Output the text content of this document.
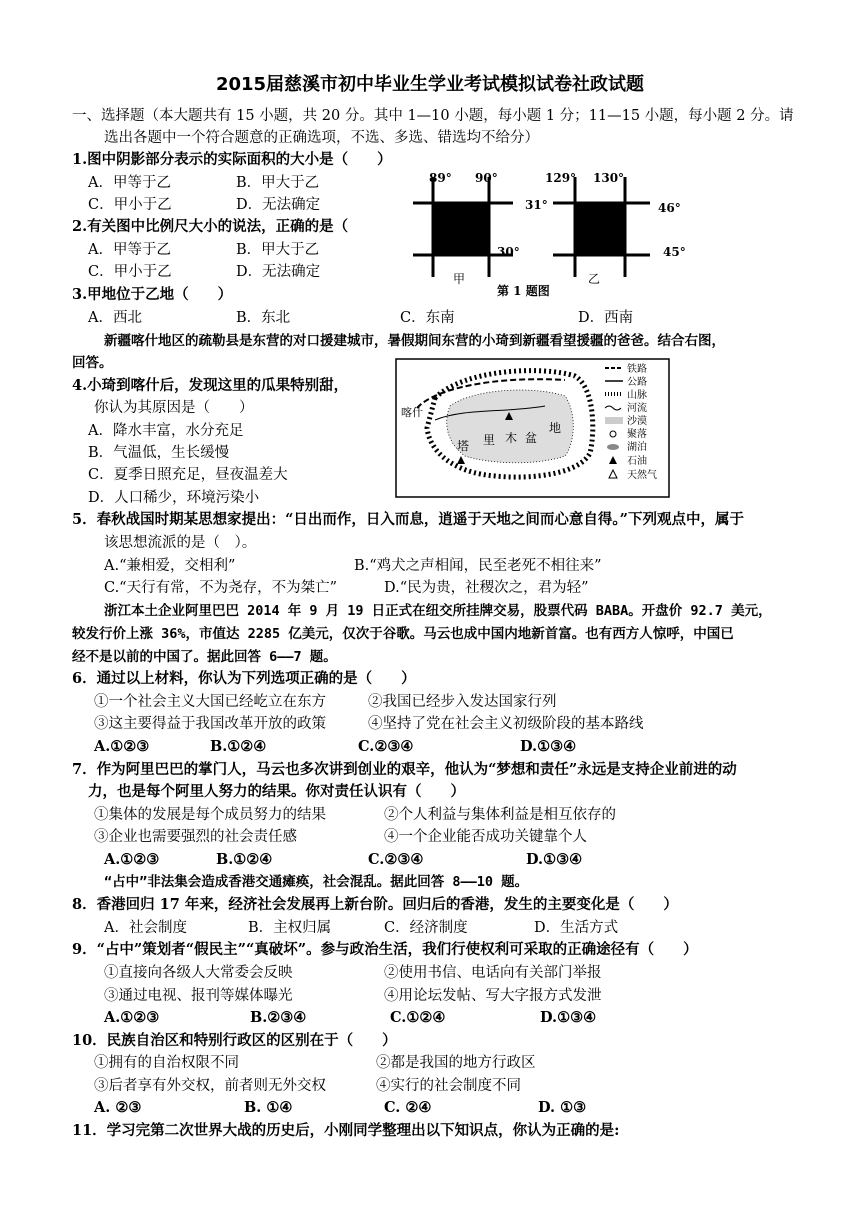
2015届慈溪市初中毕业生学业考试模拟试卷社政试题
一、选择题（本大题共有 15 小题，共 20 分。其中 1—10 小题，每小题 1 分；11—15 小题，每小题 2 分。请
选出各题中一个符合题意的正确选项，不选、多选、错选均不给分）
1.图中阴影部分表示的实际面积的大小是（　　）
A．甲等于乙	B．甲大于乙
C．甲小于乙	D．无法确定
2.有关图中比例尺大小的说法，正确的是（
A．甲等于乙	B．甲大于乙
C．甲小于乙	D．无法确定
3.甲地位于乙地（　　）
A．西北	B．东北	C．东南	D．西南
89° 90°
31°
30°
甲
129° 130°
46°
45°
乙
第 1 题图
新疆喀什地区的疏勒县是东营的对口援建城市，暑假期间东营的小琦到新疆看望援疆的爸爸。结合右图，
回答。
4.小琦到喀什后，发现这里的瓜果特别甜，
你认为其原因是（　　）
A．降水丰富，水分充足
B．气温低，生长缓慢
C．夏季日照充足，昼夜温差大
D．人口稀少，环境污染小
喀什
塔 里 木 盆
地
铁路
公路
山脉
河流
沙漠
聚落
湖泊
石油
天然气
5．春秋战国时期某思想家提出：“日出而作，日入而息，逍遥于天地之间而心意自得。”下列观点中，属于
该思想流派的是（　）。
A.“兼相爱，交相利”	B.“鸡犬之声相闻，民至老死不相往来”
C.“天行有常，不为尧存，不为桀亡”	D.“民为贵，社稷次之，君为轻”
浙江本土企业阿里巴巴 2014 年 9 月 19 日正式在纽交所挂牌交易，股票代码 BABA。开盘价 92.7 美元，
较发行价上涨 36%，市值达 2285 亿美元，仅次于谷歌。马云也成中国内地新首富。也有西方人惊呼，中国已
经不是以前的中国了。据此回答 6——7 题。
6．通过以上材料，你认为下列选项正确的是（　　）
①一个社会主义大国已经屹立在东方	②我国已经步入发达国家行列
③这主要得益于我国改革开放的政策	④坚持了党在社会主义初级阶段的基本路线
A.①②③	B.①②④	C.②③④	D.①③④
7．作为阿里巴巴的掌门人，马云也多次讲到创业的艰辛，他认为“梦想和责任”永远是支持企业前进的动
力，也是每个阿里人努力的结果。你对责任认识有（　　）
①集体的发展是每个成员努力的结果	②个人利益与集体利益是相互依存的
③企业也需要强烈的社会责任感	④一个企业能否成功关键靠个人
A.①②③	B.①②④	C.②③④	D.①③④
“占中”非法集会造成香港交通瘫痪，社会混乱。据此回答 8——10 题。
8．香港回归 17 年来，经济社会发展再上新台阶。回归后的香港，发生的主要变化是（　　）
A．社会制度	B．主权归属	C．经济制度	D．生活方式
9．“占中”策划者“假民主”“真破坏”。参与政治生活，我们行使权利可采取的正确途径有（　　）
①直接向各级人大常委会反映	②使用书信、电话向有关部门举报
③通过电视、报刊等媒体曝光	④用论坛发帖、写大字报方式发泄
A.①②③	B.②③④	C.①②④	D.①③④
10．民族自治区和特别行政区的区别在于（　　）
①拥有的自治权限不同	②都是我国的地方行政区
③后者享有外交权，前者则无外交权	④实行的社会制度不同
A. ②③	B. ①④	C. ②④	D. ①③
11．学习完第二次世界大战的历史后，小刚同学整理出以下知识点，你认为正确的是:
